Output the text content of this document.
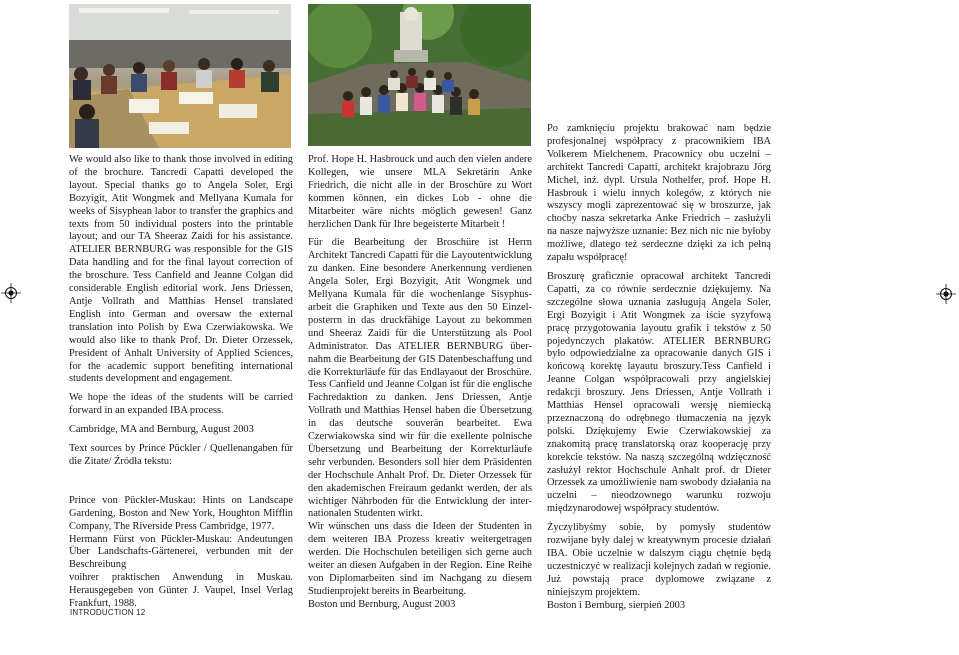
We would also like to thank those involved in editing of the brochure. Tancredi Capatti developed the layout. Special thanks go to Angela Soler, Ergi Bozyigit, Atit Wongmek and Mellyana Kumala for weeks of Sisyphean labor to transfer the graphics and texts from 50 individual posters into the printable layout; and our TA Sheeraz Zaidi for his assistance. ATELIER BERNBURG was responsible for the GIS Data handling and for the final layout correction of the broschure. Tess Canfield and Jeanne Colgan did considerable English editorial work. Jens Driessen, Antje Vollrath and Matthias Hensel translated English into German and oversaw the external translation into Polish by Ewa Czerwiakowska. We would also like to thank Prof. Dr. Dieter Orzessek, President of Anhalt University of Applied Sciences, for the academic support benefiting international students development and engagement.

We hope the ideas of the students will be carried forward in an expanded IBA process.

Cambridge, MA and Bernburg, August 2003

Text sources by Prince Pückler / Quellenangaben für die Zitate/ Źródła tekstu:

Prince von Pückler-Muskau: Hints on Landscape Gardening, Boston and New York, Houghton Mifflin Company, The Riverside Press Cambridge, 1977.

Hermann Fürst von Pückler-Muskau: Andeutungen Über Landschafts-Gärtenerei, verbunden mit der Beschreibung

voihrer praktischen Anwendung in Muskau. Herausgegeben von Günter J. Vaupel, Insel Verlag Frankfurt, 1988.

Prof. Hope H. Hasbrouck und auch den vielen andere Kollegen, wie unsere MLA Sekretärin Anke Friedrich, die nicht alle in der Broschüre zu Wort kommen können, ein dickes Lob - ohne die Mitarbeiter wäre nichts möglich gewesen! Ganz herzlichen Dank für Ihre begeisterte Mitarbeit !

Für die Bearbeitung der Broschüre ist Herrn Architekt Tancredi Capatti für die Layoutentwicklung zu danken. Eine besondere Anerkennung verdienen Angela Soler, Ergi Bozyigit, Atit Wongmek und Mellyana Kumala für die wochenlange Sisyphus-arbeit die Graphiken und Texte aus den 50 Einzel-posterrn in das druckfähige Layout zu bekommen und Sheeraz Zaidi für die Unterstützung als Pool Administrator. Das ATELIER BERNBURG über-nahm die Bearbeitung der GIS Datenbeschaffung und die Korrekturläufe für das Endlayaout der Broschüre. Tess Canfield und Jeanne Colgan ist für die englische Fachredaktion zu danken. Jens Driessen, Antje Vollrath und Matthias Hensel haben die Übersetzung in das deutsche souverän bearbeitet. Ewa Czerwiakowska sind wir für die exellente polnische Übersetzung und Bearbeitung der Korrekturläufe sehr verbunden. Besonders soll hier dem Präsidenten der Hochschule Anhalt Prof. Dr. Dieter Orzessek für den akademischen Freiraum gedankt werden, der als wichtiger Nährboden für die Entwicklung der inter-nationalen Studenten wirkt.

Wir wünschen uns dass die Ideen der Studenten in dem weiteren IBA Prozess kreativ weitergetragen werden. Die Hochschulen beteiligen sich gerne auch weiter an diesen Aufgaben in der Region. Eine Reihe von Diplomarbeiten sind im Nachgang zu diesem Studienprojekt bereits in Bearbeitung.

Boston und Bernburg, August 2003

Po zamknięciu projektu brakować nam będzie profesjonalnej współpracy z pracownikiem IBA Volkerem Mielchenem. Pracownicy obu uczelni – architekt Tancredi Capatti, architekt krajobrazu Jörg Michel, inż. dypl. Ursula Nothelfer, prof. Hope H. Hasbrouk i wielu innych kolegów, z których nie wszyscy mogli zaprezentować się w broszurze, jak choćby nasza sekretarka Anke Friedrich – zasłużyli na nasze najwyższe uznanie: Bez nich nic nie byłoby możliwe, dlatego też serdeczne dzięki za ich pełną zapału współpracę!

Broszurę graficznie opracował architekt Tancredi Capatti, za co równie serdecznie dziękujemy. Na szczególne słowa uznania zasługują Angela Soler, Ergi Bozyigit i Atit Wongmek za iście syzyfową pracę przygotowania layoutu grafik i tekstów z 50 pojedynczych plakatów. ATELIER BERNBURG było odpowiedzialne za opracowanie danych GIS i końcową korektę layautu broszury.Tess Canfield i Jeanne Colgan współpracowali przy angielskiej redakcji broszury. Jens Driessen, Antje Vollrath i Matthias Hensel opracowali wersję niemiecką przeznaczoną do odrębnego tłumaczenia na język polski. Dziękujemy Ewie Czerwiakowskiej za znakomitą pracę translatorską oraz kooperację przy korekcie tekstów. Na naszą szczególną wdzięczność zasłużył rektor Hochschule Anhalt prof. dr Dieter Orzessek za umożliwienie nam swobody działania na uczelni – nieodzownego warunku rozwoju międzynarodowej współpracy studentów.

Życzylibyśmy sobie, by pomysły studentów rozwijane były dalej w kreatywnym procesie działań IBA. Obie uczelnie w dalszym ciągu chętnie będą uczestniczyć w realizacji kolejnych zadań w regionie. Już powstają prace dyplomowe związane z niniejszym projektem.

Boston i Bernburg, sierpień 2003

INTRODUCTION 12
